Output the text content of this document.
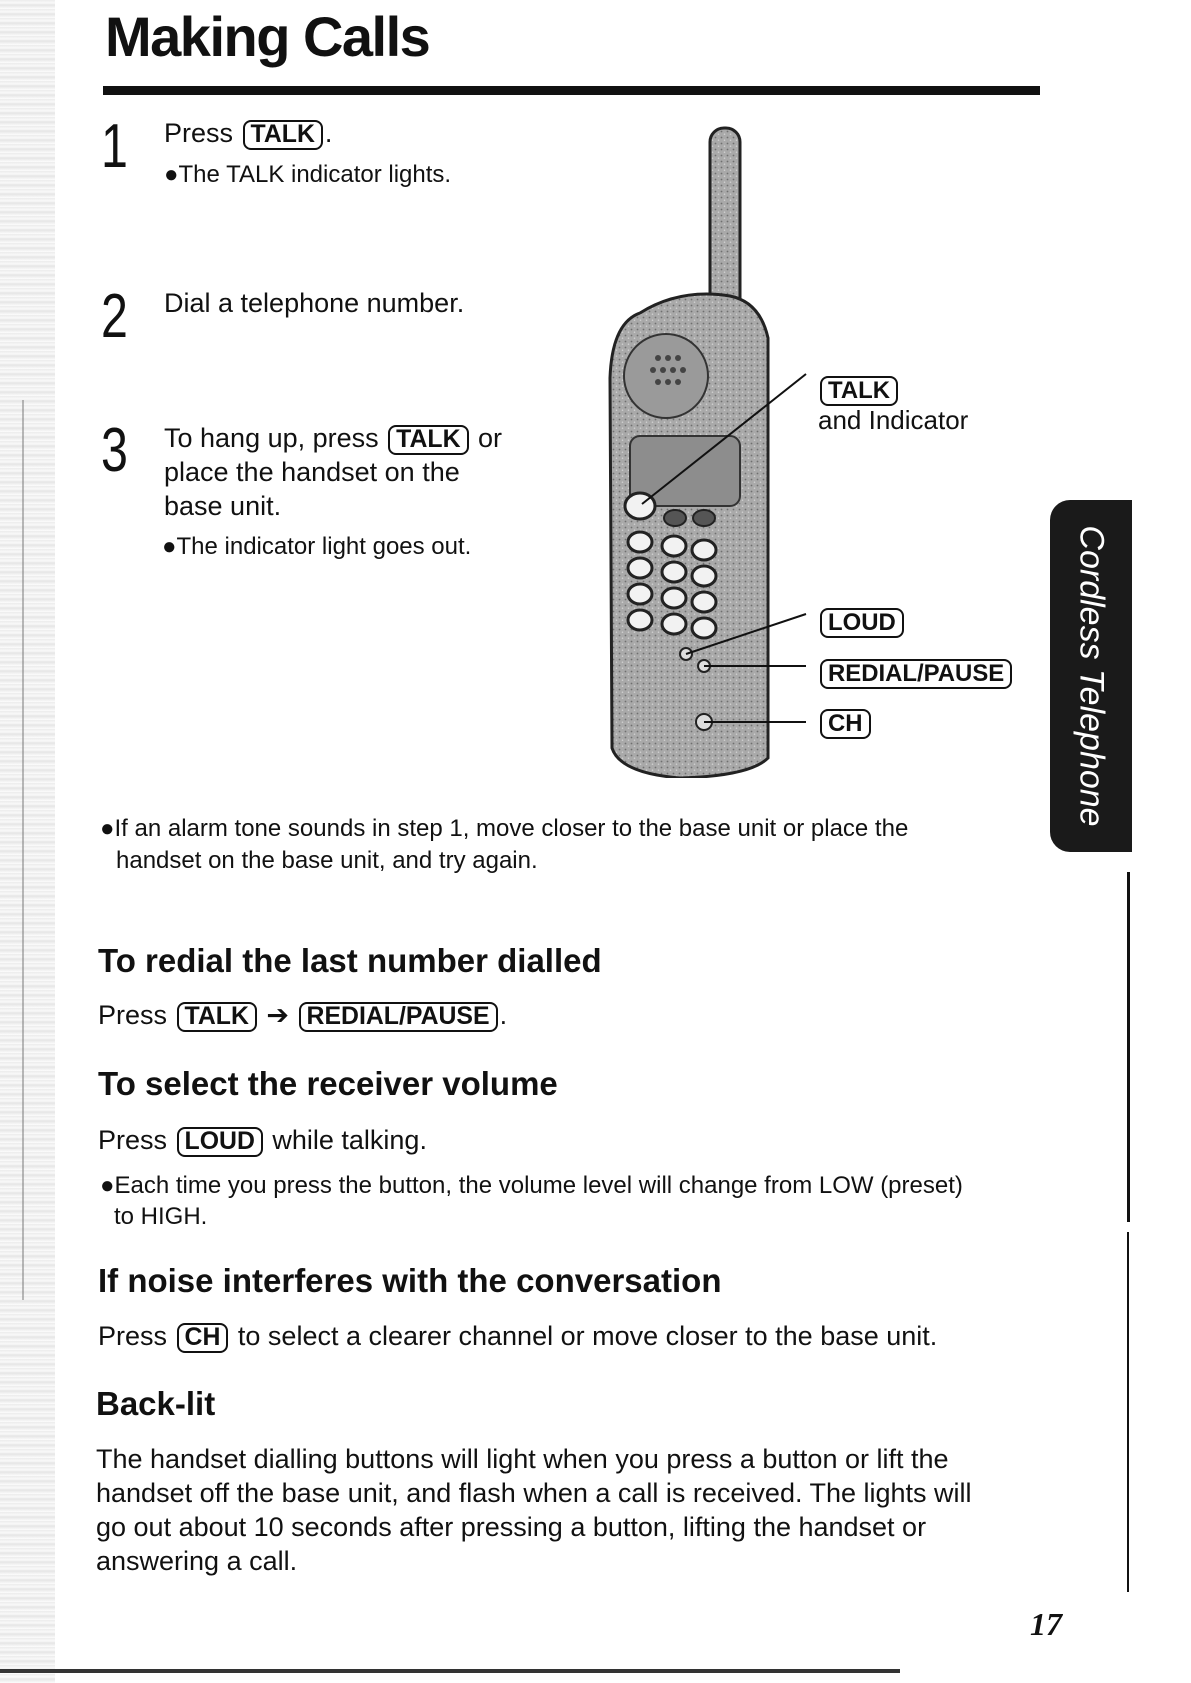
Making Calls
1 Press TALK .
●The TALK indicator lights.
2 Dial a telephone number.
3 To hang up, press TALK or
place the handset on the
base unit.
●The indicator light goes out.
TALK
and Indicator
LOUD
REDIAL/PAUSE
CH
●If an alarm tone sounds in step 1, move closer to the base unit or place the
handset on the base unit, and try again.
To redial the last number dialled
Press TALK ➔ REDIAL/PAUSE .
To select the receiver volume
Press LOUD while talking.
●Each time you press the button, the volume level will change from LOW (preset)
to HIGH.
If noise interferes with the conversation
Press CH to select a clearer channel or move closer to the base unit.
Back-lit
The handset dialling buttons will light when you press a button or lift the
handset off the base unit, and flash when a call is received. The lights will
go out about 10 seconds after pressing a button, lifting the handset or
answering a call.
Cordless Telephone
17
